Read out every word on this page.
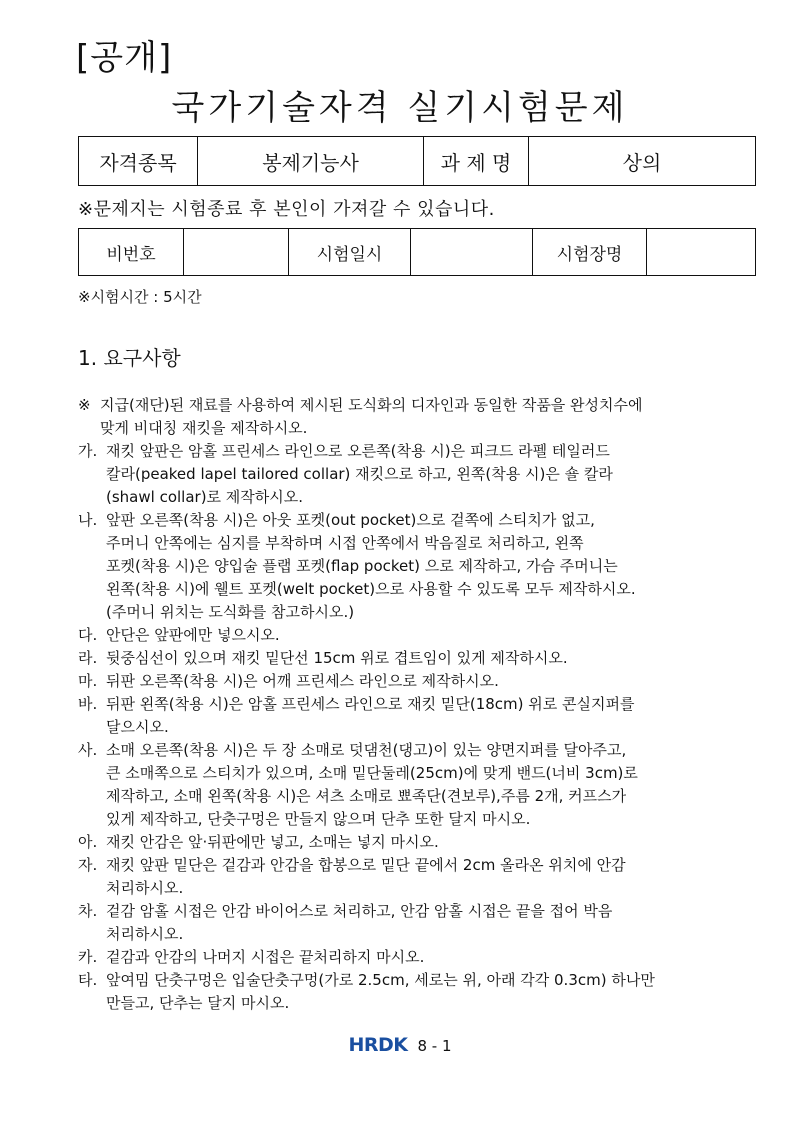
[공개]
국가기술자격 실기시험문제
자격종목	봉제기능사	과 제 명	상의
※문제지는 시험종료 후 본인이 가져갈 수 있습니다.
비번호		시험일시		시험장명	
※시험시간 : 5시간
1. 요구사항
※ 지급(재단)된 재료를 사용하여 제시된 도식화의 디자인과 동일한 작품을 완성치수에
맞게 비대칭 재킷을 제작하시오.
가. 재킷 앞판은 암홀 프린세스 라인으로 오른쪽(착용 시)은 피크드 라펠 테일러드
칼라(peaked lapel tailored collar) 재킷으로 하고, 왼쪽(착용 시)은 숄 칼라
(shawl collar)로 제작하시오.
나. 앞판 오른쪽(착용 시)은 아웃 포켓(out pocket)으로 겉쪽에 스티치가 없고,
주머니 안쪽에는 심지를 부착하며 시접 안쪽에서 박음질로 처리하고, 왼쪽
포켓(착용 시)은 양입술 플랩 포켓(flap pocket) 으로 제작하고, 가슴 주머니는
왼쪽(착용 시)에 웰트 포켓(welt pocket)으로 사용할 수 있도록 모두 제작하시오.
(주머니 위치는 도식화를 참고하시오.)
다. 안단은 앞판에만 넣으시오.
라. 뒷중심선이 있으며 재킷 밑단선 15cm 위로 겹트임이 있게 제작하시오.
마. 뒤판 오른쪽(착용 시)은 어깨 프린세스 라인으로 제작하시오.
바. 뒤판 왼쪽(착용 시)은 암홀 프린세스 라인으로 재킷 밑단(18cm) 위로 콘실지퍼를
달으시오.
사. 소매 오른쪽(착용 시)은 두 장 소매로 덧댐천(댕고)이 있는 양면지퍼를 달아주고,
큰 소매쪽으로 스티치가 있으며, 소매 밑단둘레(25cm)에 맞게 밴드(너비 3cm)로
제작하고, 소매 왼쪽(착용 시)은 셔츠 소매로 뾰족단(견보루),주름 2개, 커프스가
있게 제작하고, 단춧구멍은 만들지 않으며 단추 또한 달지 마시오.
아. 재킷 안감은 앞·뒤판에만 넣고, 소매는 넣지 마시오.
자. 재킷 앞판 밑단은 겉감과 안감을 합봉으로 밑단 끝에서 2cm 올라온 위치에 안감
처리하시오.
차. 겉감 암홀 시접은 안감 바이어스로 처리하고, 안감 암홀 시접은 끝을 접어 박음
처리하시오.
카. 겉감과 안감의 나머지 시접은 끝처리하지 마시오.
타. 앞여밈 단춧구멍은 입술단춧구멍(가로 2.5cm, 세로는 위, 아래 각각 0.3cm) 하나만
만들고, 단추는 달지 마시오.
HRDK 8 - 1
